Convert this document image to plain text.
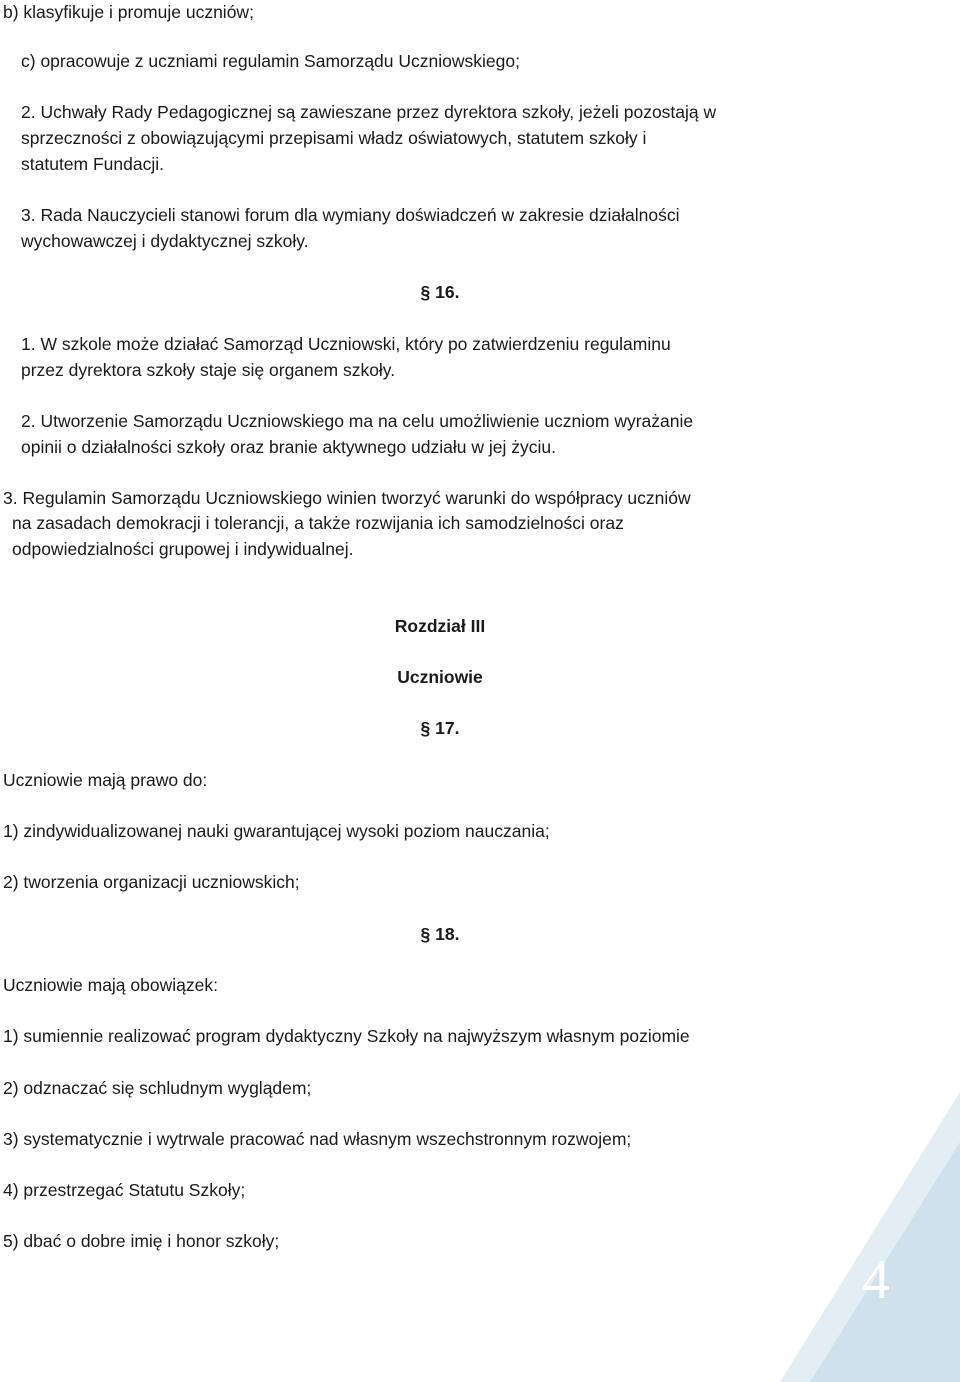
b) klasyfikuje i promuje uczniów;

c) opracowuje z uczniami regulamin Samorządu Uczniowskiego;

2. Uchwały Rady Pedagogicznej są zawieszane przez dyrektora szkoły, jeżeli pozostają w

sprzeczności z obowiązującymi przepisami władz oświatowych, statutem szkoły i

statutem Fundacji.

3. Rada Nauczycieli stanowi forum dla wymiany doświadczeń w zakresie działalności

wychowawczej i dydaktycznej szkoły.

§ 16.

1. W szkole może działać Samorząd Uczniowski, który po zatwierdzeniu regulaminu

przez dyrektora szkoły staje się organem szkoły.

2. Utworzenie Samorządu Uczniowskiego ma na celu umożliwienie uczniom wyrażanie

opinii o działalności szkoły oraz branie aktywnego udziału w jej życiu.

3. Regulamin Samorządu Uczniowskiego winien tworzyć warunki do współpracy uczniów

na zasadach demokracji i tolerancji, a także rozwijania ich samodzielności oraz

odpowiedzialności grupowej i indywidualnej.

Rozdział III

Uczniowie

§ 17.

Uczniowie mają prawo do:

1) zindywidualizowanej nauki gwarantującej wysoki poziom nauczania;

2) tworzenia organizacji uczniowskich;

§ 18.

Uczniowie mają obowiązek:

1) sumiennie realizować program dydaktyczny Szkoły na najwyższym własnym poziomie

2) odznaczać się schludnym wyglądem;

3) systematycznie i wytrwale pracować nad własnym wszechstronnym rozwojem;

4) przestrzegać Statutu Szkoły;

5) dbać o dobre imię i honor szkoły;

4
